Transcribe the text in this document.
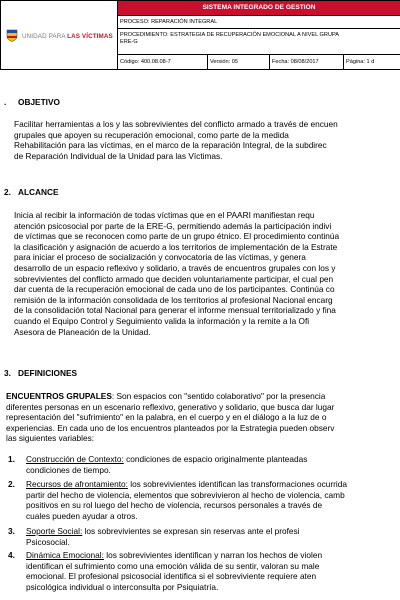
UNIDAD PARA LAS VÍCTIMAS
SISTEMA INTEGRADO DE GESTION
PROCESO: REPARACIÓN INTEGRAL
PROCEDIMIENTO: ESTRATEGIA DE RECUPERACIÓN EMOCIONAL A NIVEL GRUPA
ERE-G
Código: 400.08.08-7	Versión: 05	Fecha: 08/08/2017	Página: 1 d
. OBJETIVO
Facilitar herramientas a los y las sobrevivientes del conflicto armado a través de encuen
grupales que apoyen su recuperación emocional, como parte de la medida
Rehabilitación para las víctimas, en el marco de la reparación Integral, de la subdirec
de Reparación Individual de la Unidad para las Víctimas.
2. ALCANCE
Inicia al recibir la información de todas víctimas que en el PAARI manifiestan requ
atención psicosocial por parte de la ERE-G, permitiendo además la participación indivi
de víctimas que se reconocen como parte de un grupo étnico. El procedimiento continúa
la clasificación y asignación de acuerdo a los territorios de implementación de la Estrate
para iniciar el proceso de socialización y convocatoria de las víctimas, y genera
desarrollo de un espacio reflexivo y solidario, a través de encuentros grupales con los y
sobrevivientes del conflicto armado que deciden voluntariamente participar, el cual pen
dar cuenta de la recuperación emocional de cada uno de los participantes. Continúa co
remisión de la información consolidada de los territorios al profesional Nacional encarg
de la consolidación total Nacional para generar el informe mensual territorializado y fina
cuando el Equipo Control y Seguimiento valida la información y la remite a la Ofi
Asesora de Planeación de la Unidad.
3. DEFINICIONES
ENCUENTROS GRUPALES: Son espacios con "sentido colaborativo" por la presencia
diferentes personas en un escenario reflexivo, generativo y solidario, que busca dar lugar
representación del "sufrimiento" en la palabra, en el cuerpo y en el diálogo a la luz de o
experiencias. En cada uno de los encuentros planteados por la Estrategia pueden observ
las siguientes variables:
1. Construcción de Contexto: condiciones de espacio originalmente planteadas
condiciones de tiempo.
2. Recursos de afrontamiento: los sobrevivientes identifican las transformaciones ocurrida
partir del hecho de violencia, elementos que sobrevivieron al hecho de violencia, camb
positivos en su rol luego del hecho de violencia, recursos personales a través de
cuales pueden ayudar a otros.
3. Soporte Social: los sobrevivientes se expresan sin reservas ante el profesi
Psicosocial.
4. Dinámica Emocional: los sobrevivientes identifican y narran los hechos de violen
identifican el sufrimiento como una emoción válida de su sentir, valoran su male
emocional. El profesional psicosocial identifica si el sobreviviente requiere aten
psicológica individual o interconsulta por Psiquiatría.
